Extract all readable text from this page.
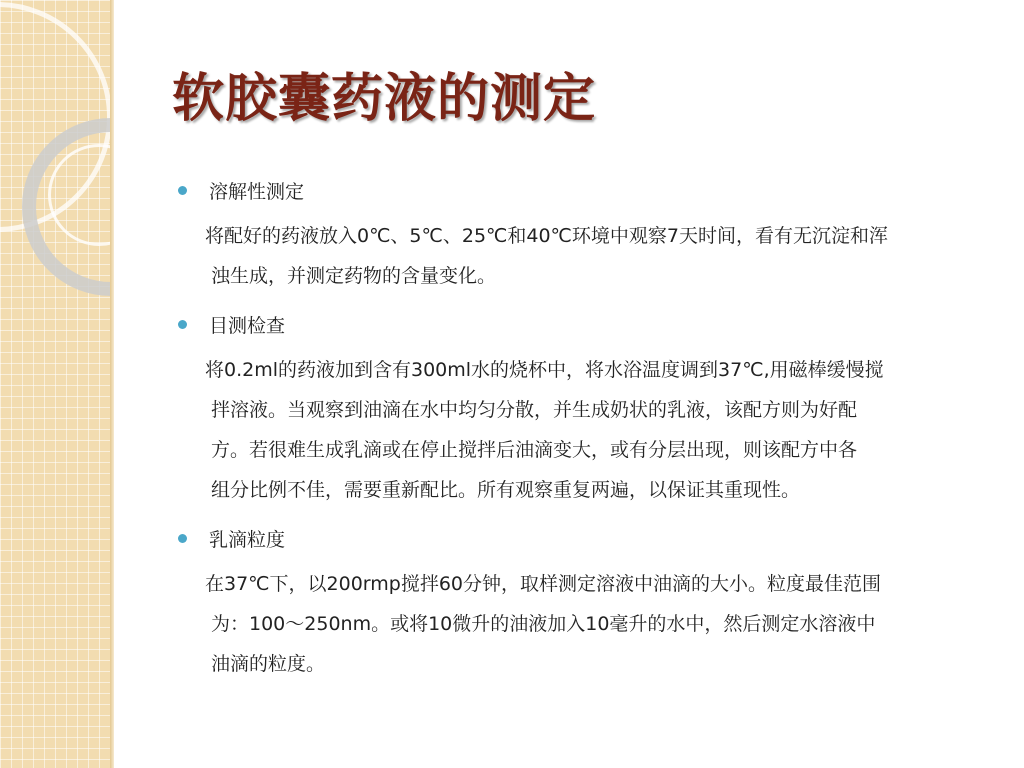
软胶囊药液的测定
溶解性测定
将配好的药液放入0℃、5℃、25℃和40℃环境中观察7天时间，看有无沉淀和浑
浊生成，并测定药物的含量变化。
目测检查
将0.2ml的药液加到含有300ml水的烧杯中，将水浴温度调到37℃,用磁棒缓慢搅
拌溶液。当观察到油滴在水中均匀分散，并生成奶状的乳液，该配方则为好配
方。若很难生成乳滴或在停止搅拌后油滴变大，或有分层出现，则该配方中各
组分比例不佳，需要重新配比。所有观察重复两遍，以保证其重现性。
乳滴粒度
在37℃下，以200rmp搅拌60分钟，取样测定溶液中油滴的大小。粒度最佳范围
为：100～250nm。或将10微升的油液加入10毫升的水中，然后测定水溶液中
油滴的粒度。
